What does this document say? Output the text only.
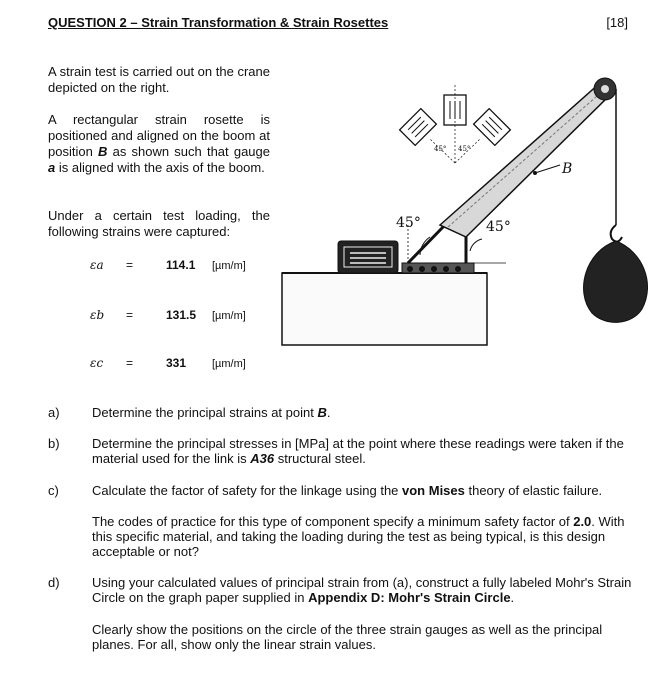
QUESTION 2 – Strain Transformation & Strain Rosettes	[18]
A strain test is carried out on the crane depicted on the right.
A rectangular strain rosette is positioned and aligned on the boom at position B as shown such that gauge a is aligned with the axis of the boom.
Under a certain test loading, the following strains were captured:
εa =	114.1 [µm/m]
εb =	131.5 [µm/m]
εc =	331 [µm/m]
45°	45°
B
45° 45°
a) Determine the principal strains at point B.
b) Determine the principal stresses in [MPa] at the point where these readings were taken if the material used for the link is A36 structural steel.
c)	Calculate the factor of safety for the linkage using the von Mises theory of elastic failure.
The codes of practice for this type of component specify a minimum safety factor of 2.0. With this specific material, and taking the loading during the test as being typical, is this design acceptable or not?
d) Using your calculated values of principal strain from (a), construct a fully labeled Mohr's Strain Circle on the graph paper supplied in Appendix D: Mohr's Strain Circle.
Clearly show the positions on the circle of the three strain gauges as well as the principal planes. For all, show only the linear strain values.
